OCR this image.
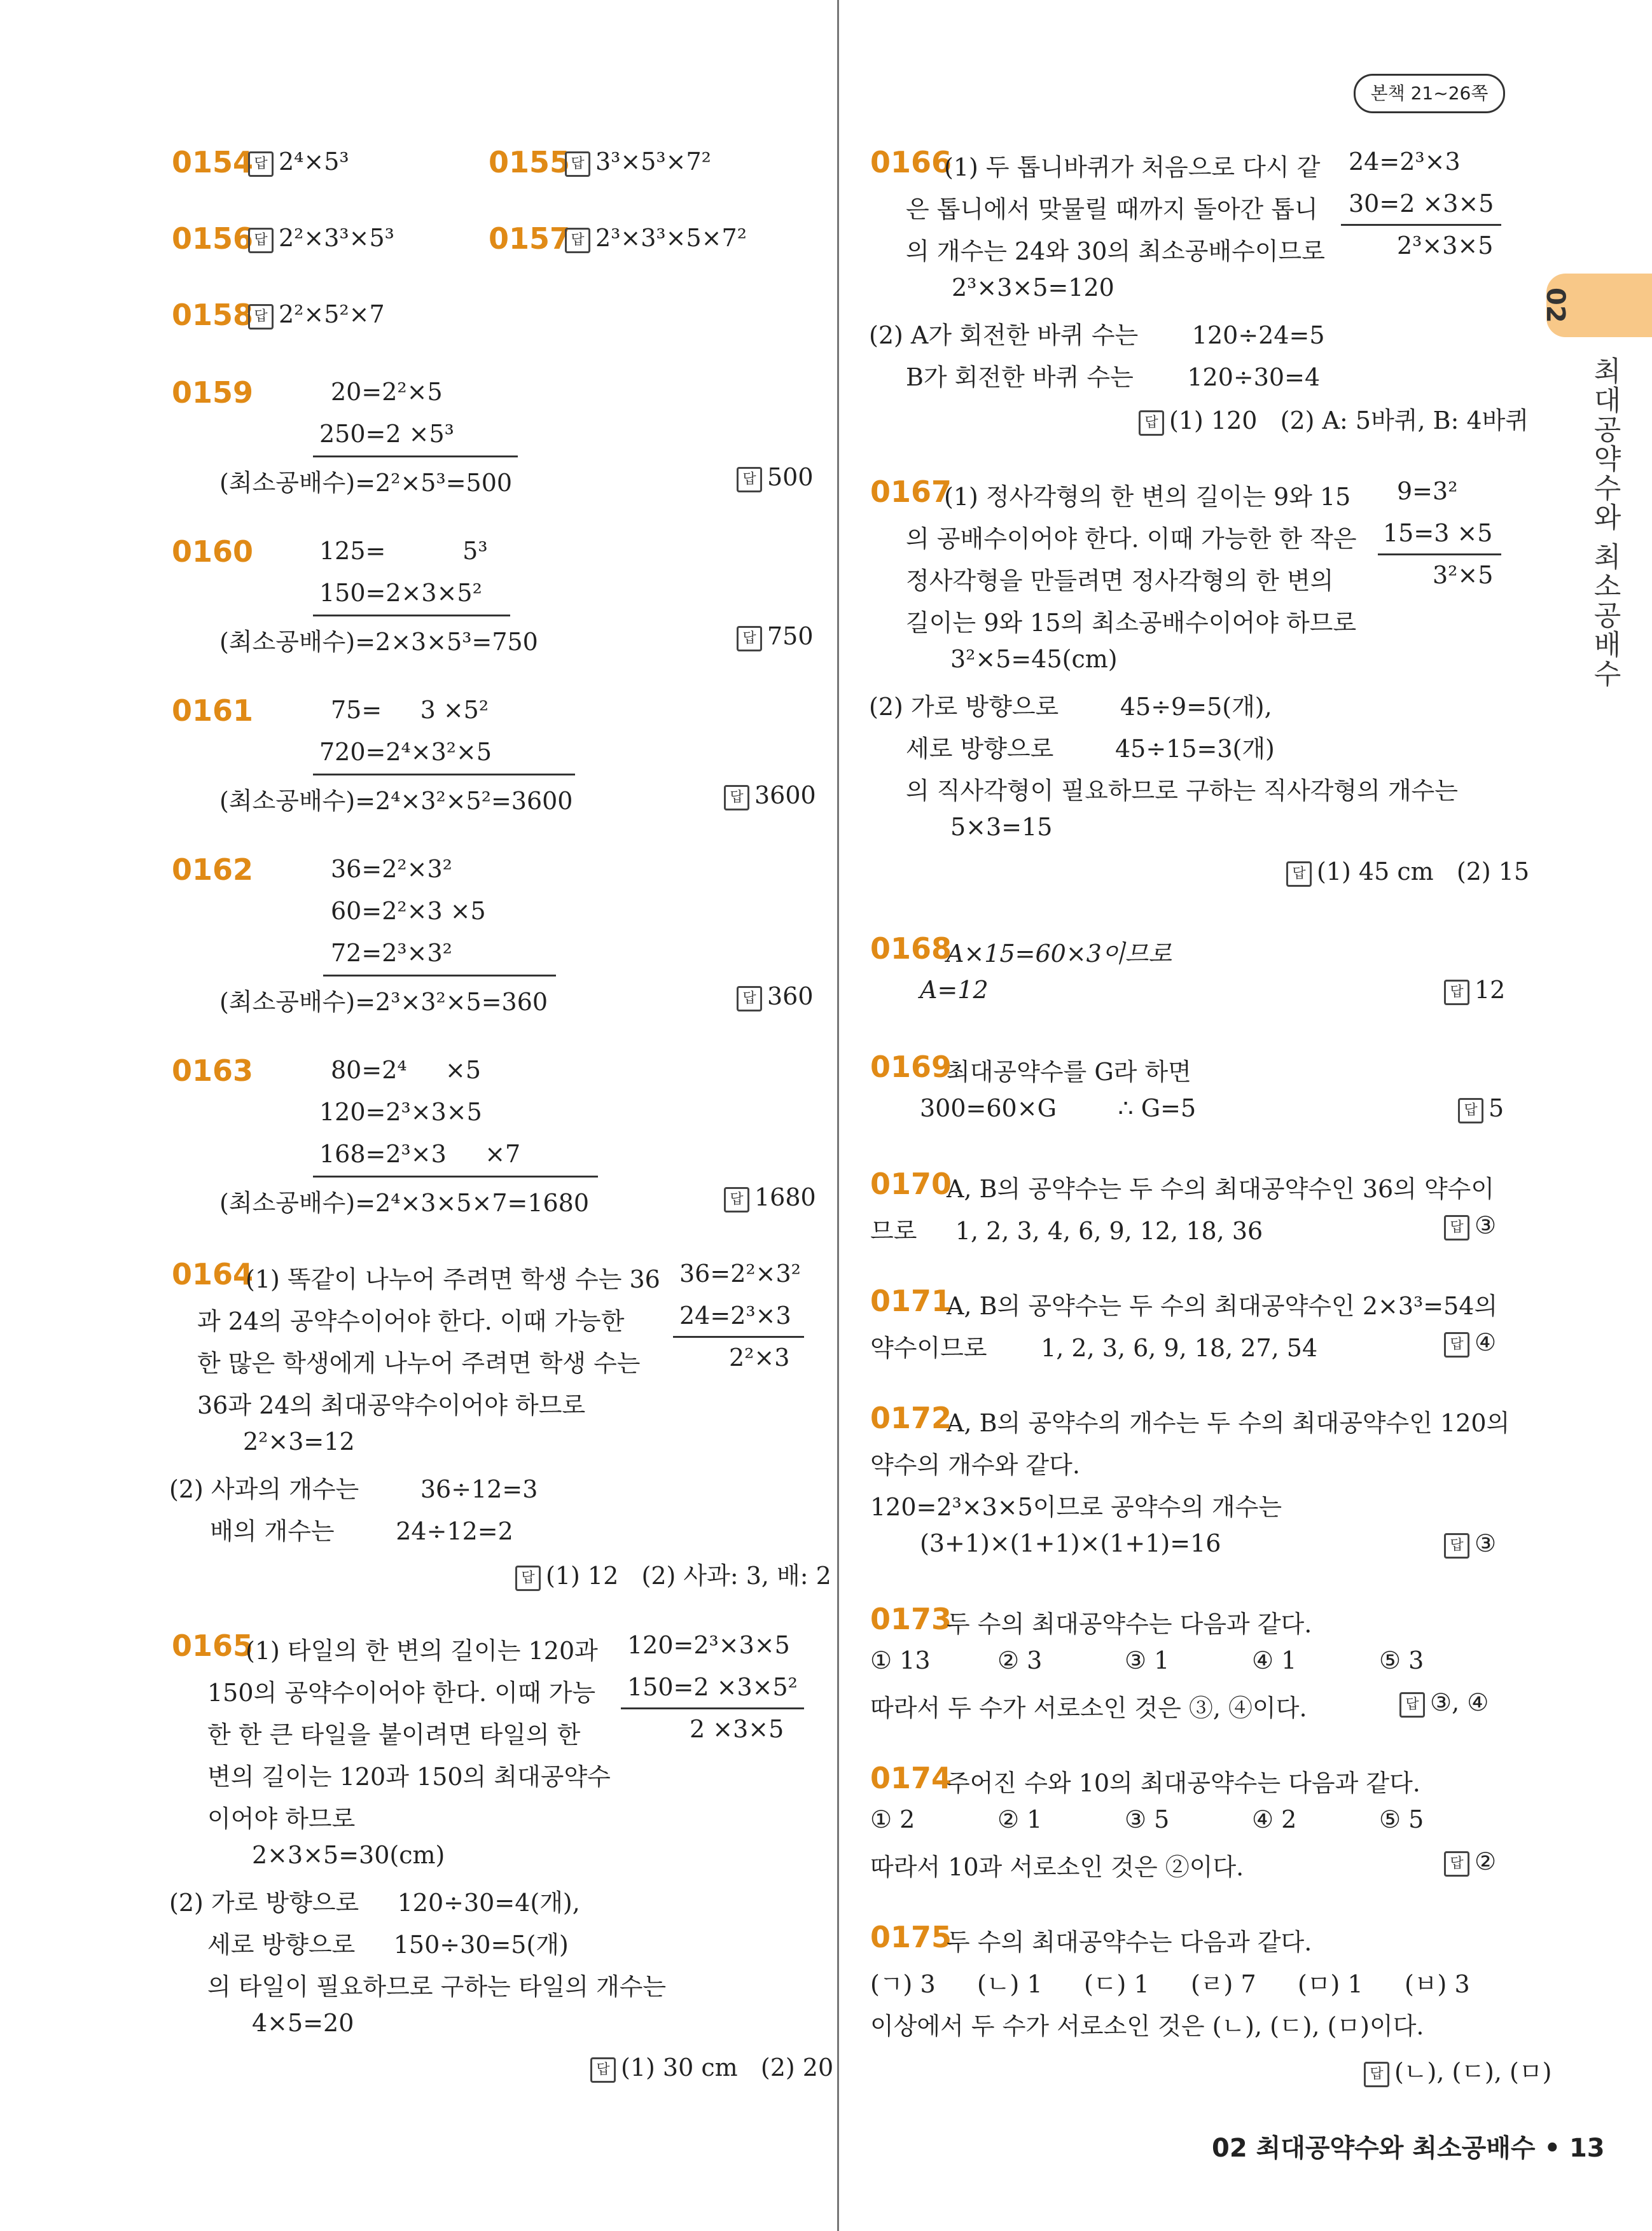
본책 21~26쪽
02
최대공약수와 최소공배수
0154 답 2⁴×5³	0155 답 3³×5³×7²
0156 답 2²×3³×5³	0157 답 2³×3³×5×7²
0158 답 2²×5²×7
0159	20=2²×5
250=2 ×5³
(최소공배수)=2²×5³=500	답 500
0160	125=          5³
150=2×3×5²
(최소공배수)=2×3×5³=750	답 750
0161	75=     3 ×5²
720=2⁴×3²×5
(최소공배수)=2⁴×3²×5²=3600	답 3600
0162	36=2²×3²
60=2²×3 ×5
72=2³×3²
(최소공배수)=2³×3²×5=360	답 360
0163	80=2⁴     ×5
120=2³×3×5
168=2³×3     ×7
(최소공배수)=2⁴×3×5×7=1680	답 1680
0164
(1) 똑같이 나누어 주려면 학생 수는 36
과 24의 공약수이어야 한다. 이때 가능한
한 많은 학생에게 나누어 주려면 학생 수는
36과 24의 최대공약수이어야 하므로
2²×3=12
(2) 사과의 개수는        36÷12=3
배의 개수는        24÷12=2
36=2²×3²
24=2³×3
2²×3
답 (1) 12   (2) 사과: 3, 배: 2
0165
(1) 타일의 한 변의 길이는 120과
150의 공약수이어야 한다. 이때 가능
한 한 큰 타일을 붙이려면 타일의 한
변의 길이는 120과 150의 최대공약수
이어야 하므로
2×3×5=30(cm)
(2) 가로 방향으로     120÷30=4(개),
세로 방향으로     150÷30=5(개)
의 타일이 필요하므로 구하는 타일의 개수는
4×5=20
120=2³×3×5
150=2 ×3×5²
2 ×3×5
답 (1) 30 cm   (2) 20
0166
(1) 두 톱니바퀴가 처음으로 다시 같
은 톱니에서 맞물릴 때까지 돌아간 톱니
의 개수는 24와 30의 최소공배수이므로
2³×3×5=120
(2) A가 회전한 바퀴 수는       120÷24=5
B가 회전한 바퀴 수는       120÷30=4
24=2³×3
30=2 ×3×5
2³×3×5
답 (1) 120   (2) A: 5바퀴, B: 4바퀴
0167
(1) 정사각형의 한 변의 길이는 9와 15
의 공배수이어야 한다. 이때 가능한 한 작은
정사각형을 만들려면 정사각형의 한 변의
길이는 9와 15의 최소공배수이어야 하므로
3²×5=45(cm)
(2) 가로 방향으로        45÷9=5(개),
세로 방향으로        45÷15=3(개)
의 직사각형이 필요하므로 구하는 직사각형의 개수는
5×3=15
9=3²
15=3 ×5
3²×5
답 (1) 45 cm   (2) 15
0168
A×15=60×3이므로
A=12	답 12
0169
최대공약수를 G라 하면
300=60×G        ∴ G=5	답 5
0170
A, B의 공약수는 두 수의 최대공약수인 36의 약수이
므로     1, 2, 3, 4, 6, 9, 12, 18, 36	답 ③
0171
A, B의 공약수는 두 수의 최대공약수인 2×3³=54의
약수이므로       1, 2, 3, 6, 9, 18, 27, 54	답 ④
0172
A, B의 공약수의 개수는 두 수의 최대공약수인 120의
약수의 개수와 같다.
120=2³×3×5이므로 공약수의 개수는
(3+1)×(1+1)×(1+1)=16	답 ③
0173
두 수의 최대공약수는 다음과 같다.
① 13	② 3	③ 1	④ 1	⑤ 3
따라서 두 수가 서로소인 것은 ③, ④이다.	답 ③, ④
0174
주어진 수와 10의 최대공약수는 다음과 같다.
① 2	② 1	③ 5	④ 2	⑤ 5
따라서 10과 서로소인 것은 ②이다.	답 ②
0175
두 수의 최대공약수는 다음과 같다.
(ㄱ) 3 (ㄴ) 1 (ㄷ) 1 (ㄹ) 7 (ㅁ) 1 (ㅂ) 3
이상에서 두 수가 서로소인 것은 (ㄴ), (ㄷ), (ㅁ)이다.
답 (ㄴ), (ㄷ), (ㅁ)
02 최대공약수와 최소공배수 • 13
